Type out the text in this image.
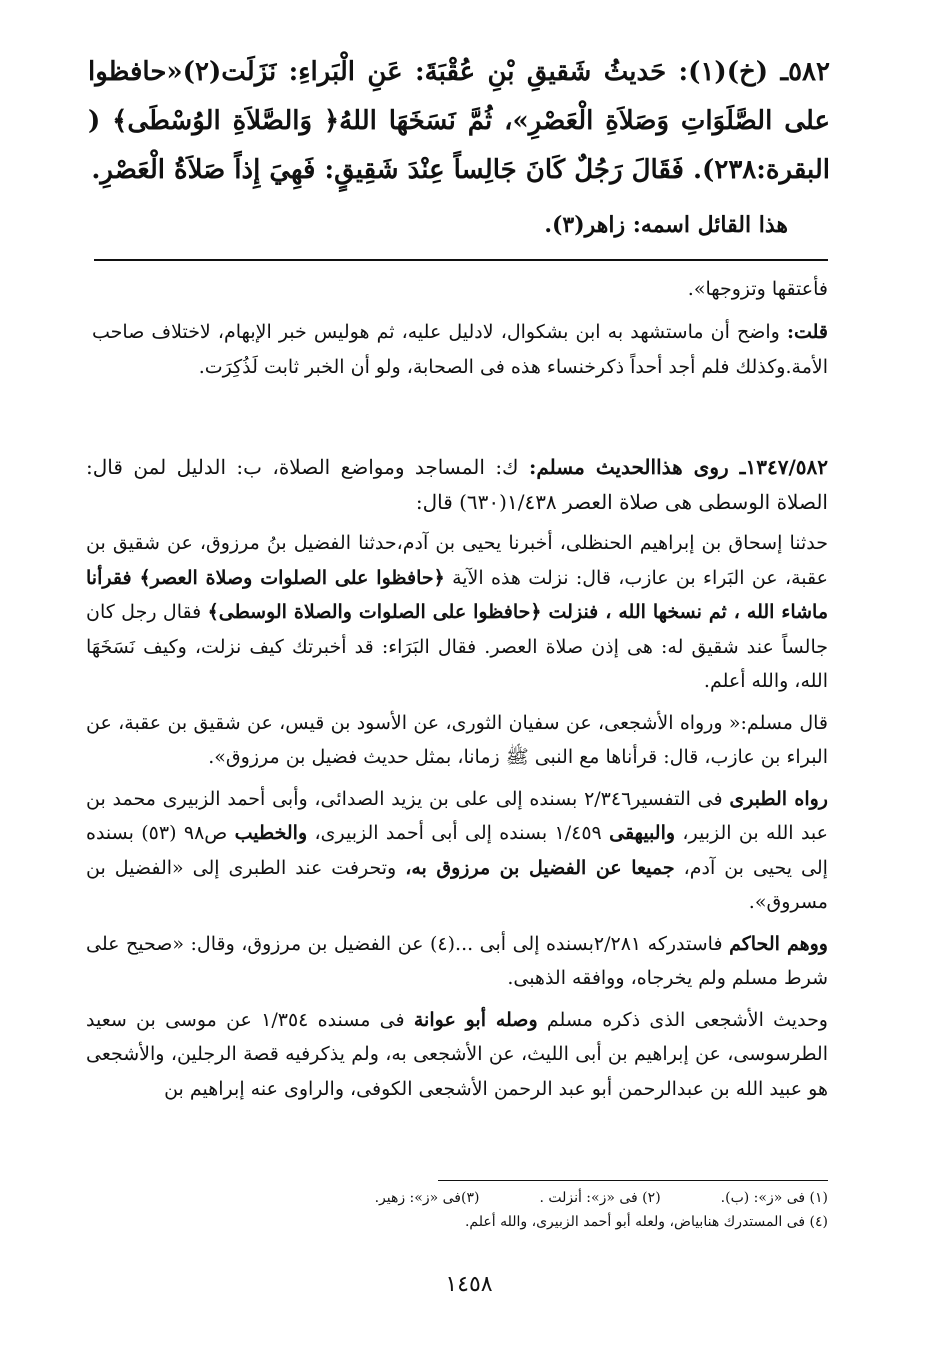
٥٨٢ـ (خ)(١): حَديثُ شَقيقِ بْنِ عُقْبَةَ: عَنِ الْبَراءِ: نَزَلَت(٢)«حافظوا على الصَّلَوَاتِ وَصَلاَةِ الْعَصْرِ»، ثُمَّ نَسَخَهَا اللهُ﴿ وَالصَّلاَةِ الوُسْطَى﴾ ( البقرة:٢٣٨). فَقَالَ رَجُلٌ كَانَ جَالِساً عِنْدَ شَقِيقٍ: فَهِيَ إِذاً صَلاَةُ الْعَصْرِ.
هذا القائل اسمه: زاهر(٣).

فأعتقها وتزوجها».

قلت: واضح أن ماستشهد به ابن بشكوال، لادليل عليه، ثم هوليس خبر الإبهام، لاختلاف صاحب الأمة.وكذلك فلم أجد أحداً ذكرخنساء هذه فى الصحابة، ولو أن الخبر ثابت لَذُكِرَت.

١٣٤٧/٥٨٢ـ روى هذاالحديث مسلم: ك: المساجد ومواضع الصلاة، ب: الدليل لمن قال: الصلاة الوسطى هى صلاة العصر ١/٤٣٨(٦٣٠) قال:

حدثنا إسحاق بن إبراهيم الحنظلى، أخبرنا يحيى بن آدم،حدثنا الفضيل بنُ مرزوق، عن شقيق بن عقبة، عن البَراء بن عازب، قال: نزلت هذه الآية ﴿حافظوا على الصلوات وصلاة العصر﴾ فقرأنا ماشاء الله ، ثم نسخها الله ، فنزلت ﴿حافظوا على الصلوات والصلاة الوسطى﴾ فقال رجل كان جالساً عند شقيق له: هى إذن صلاة العصر. فقال البَرَاء: قد أخبرتك كيف نزلت، وكيف نَسَخَهَا الله، والله أعلم.

قال مسلم:« ورواه الأشجعى، عن سفيان الثورى، عن الأسود بن قيس، عن شقيق بن عقبة، عن البراء بن عازب، قال: قرأناها مع النبى ﷺ زمانا، بمثل حديث فضيل بن مرزوق».

رواه الطبرى فى التفسير٢/٣٤٦ بسنده إلى على بن يزيد الصدائى، وأبى أحمد الزبيرى محمد بن عبد الله بن الزبير، والبيهقى ١/٤٥٩ بسنده إلى أبى أحمد الزبيرى، والخطيب ص٩٨ (٥٣) بسنده إلى يحيى بن آدم، جميعا عن الفضيل بن مرزوق به، وتحرفت عند الطبرى إلى «الفضيل بن مسروق».

ووهم الحاكم فاستدركه ٢/٢٨١بسنده إلى أبى ...(٤) عن الفضيل بن مرزوق، وقال: «صحيح على شرط مسلم ولم يخرجاه، ووافقه الذهبى.

وحديث الأشجعى الذى ذكره مسلم وصله أبو عوانة فى مسنده ١/٣٥٤ عن موسى بن سعيد الطرسوسى، عن إبراهيم بن أبى الليث، عن الأشجعى به، ولم يذكرفيه قصة الرجلين، والأشجعى هو عبيد الله بن عبدالرحمن أبو عبد الرحمن الأشجعى الكوفى، والراوى عنه إبراهيم بن

(١) فى «ز»: (ب).
(٢) فى «ز»: أنزلت .
(٣)فى «ز»: زهير.
(٤) فى المستدرك هنابياض، ولعله أبو أحمد الزبيرى، والله أعلم.
١٤٥٨
